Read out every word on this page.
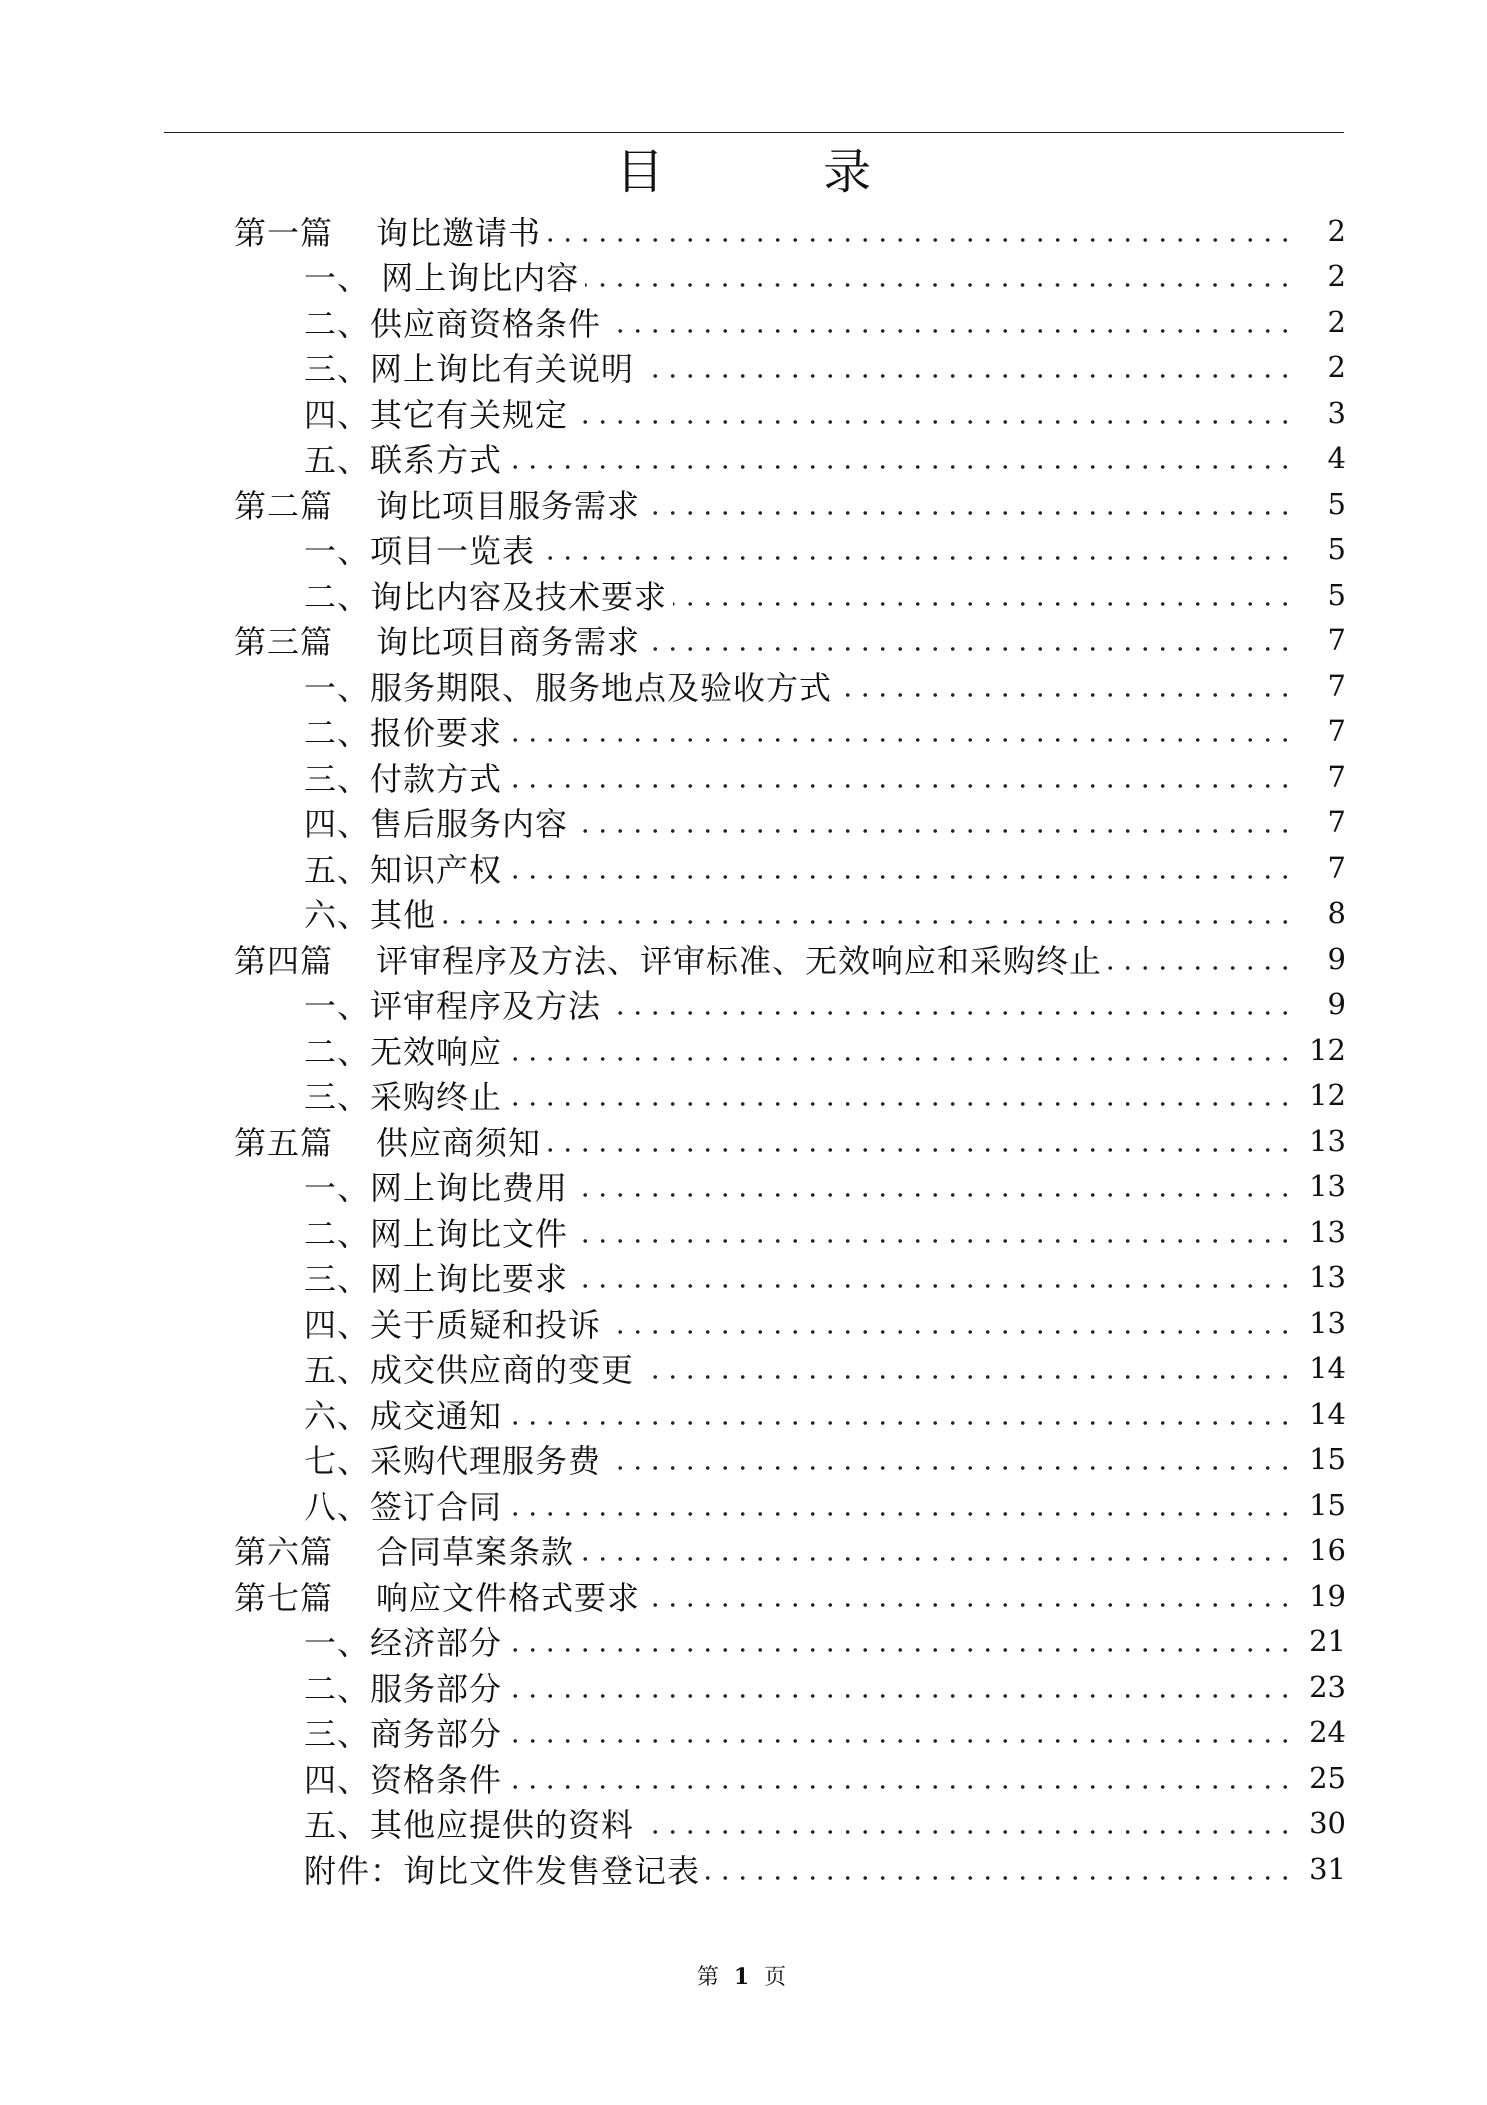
目 录
第一篇 询比邀请书	2
一、 网上询比内容	2
二、供应商资格条件	2
三、网上询比有关说明	2
四、其它有关规定	3
五、联系方式	4
第二篇 询比项目服务需求	5
一、项目一览表	5
二、询比内容及技术要求	5
第三篇 询比项目商务需求	7
一、服务期限、服务地点及验收方式	7
二、报价要求	7
三、付款方式	7
四、售后服务内容	7
五、知识产权	7
六、其他	8
第四篇 评审程序及方法、评审标准、无效响应和采购终止	9
一、评审程序及方法	9
二、无效响应	12
三、采购终止	12
第五篇 供应商须知	13
一、网上询比费用	13
二、网上询比文件	13
三、网上询比要求	13
四、关于质疑和投诉	13
五、成交供应商的变更	14
六、成交通知	14
七、采购代理服务费	15
八、签订合同	15
第六篇 合同草案条款	16
第七篇 响应文件格式要求	19
一、经济部分	21
二、服务部分	23
三、商务部分	24
四、资格条件	25
五、其他应提供的资料	30
附件：询比文件发售登记表	31
第 1 页
